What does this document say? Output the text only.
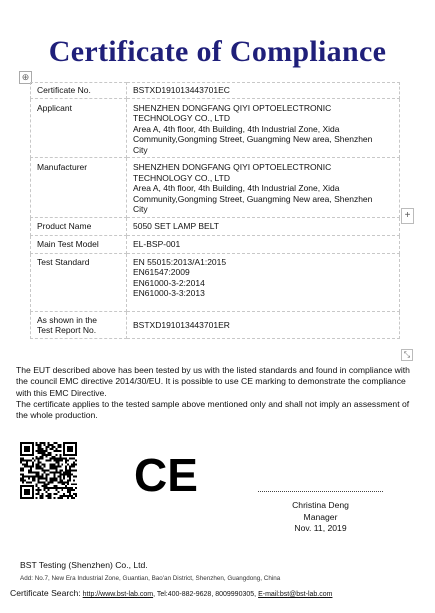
Certificate of Compliance
⊕
+
⤡
Certificate No.	BSTXD191013443701EC
Applicant	SHENZHEN DONGFANG QIYI OPTOELECTRONIC
TECHNOLOGY CO., LTD
Area A, 4th floor, 4th Building, 4th Industrial Zone, Xida
Community,Gongming Street, Guangming New area, Shenzhen
City

Manufacturer	SHENZHEN DONGFANG QIYI OPTOELECTRONIC
TECHNOLOGY CO., LTD
Area A, 4th floor, 4th Building, 4th Industrial Zone, Xida
Community,Gongming Street, Guangming New area, Shenzhen
City

Product Name	5050 SET LAMP BELT
Main Test Model	EL-BSP-001
Test Standard	EN 55015:2013/A1:2015
EN61547:2009
EN61000-3-2:2014
EN61000-3-3:2013

As shown in the
Test Report No.	BSTXD191013443701ER

The EUT described above has been tested by us with the listed standards and found in compliance with the council EMC directive 2014/30/EU. It is possible to use CE marking to demonstrate the compliance with this EMC Directive.

The certificate applies to the tested sample above mentioned only and shall not imply an assessment of the whole production.

CE
Christina Deng
Manager
Nov. 11, 2019
BST Testing (Shenzhen) Co., Ltd.
Add: No.7, New Era Industrial Zone, Guantian, Bao'an District, Shenzhen, Guangdong, China
Certificate Search: http://www.bst-lab.com, Tel:400-882-9628, 8009990305, E-mail:bst@bst-lab.com
